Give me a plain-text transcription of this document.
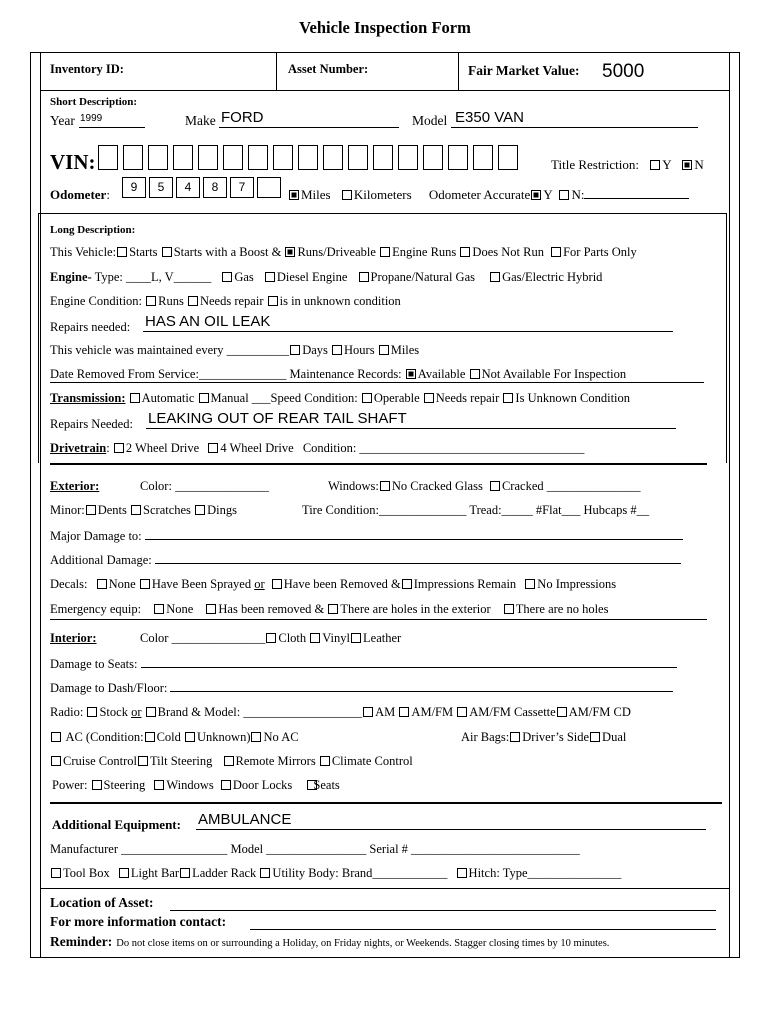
Vehicle Inspection Form
Inventory ID:	Asset Number:	Fair Market Value: 5000
Short Description:
Year 1999	Make FORD	Model E350 VAN
VIN:	Title Restriction: Y N
Odometer:	9	5	4	8	7	Miles Kilometers Odometer Accurate Y N:
Long Description:
This Vehicle: Starts Starts with a Boost & Runs/Driveable Engine Runs Does Not Run For Parts Only
Engine- Type: ____L, V______ Gas Diesel Engine Propane/Natural Gas Gas/Electric Hybrid
Engine Condition: Runs Needs repair is in unknown condition
Repairs needed: HAS AN OIL LEAK
This vehicle was maintained every __________ Days Hours Miles
Date Removed From Service:______________ Maintenance Records: Available Not Available For Inspection
Transmission: Automatic Manual ___Speed Condition: Operable Needs repair Is Unknown Condition
Repairs Needed: LEAKING OUT OF REAR TAIL SHAFT
Drivetrain: 2 Wheel Drive 4 Wheel Drive Condition: ____________________________________
Exterior:	Color: _______________	Windows: No Cracked Glass Cracked _______________
Minor: Dents Scratches Dings	Tire Condition:______________ Tread:_____ #Flat___ Hubcaps #__
Major Damage to:
Additional Damage:
Decals: None Have Been Sprayed or Have been Removed & Impressions Remain No Impressions
Emergency equip: None Has been removed & There are holes in the exterior There are no holes
Interior:	Color _______________ Cloth Vinyl Leather
Damage to Seats:
Damage to Dash/Floor:
Radio: Stock or Brand & Model: ___________________ AM AM/FM AM/FM Cassette AM/FM CD
AC (Condition: Cold Unknown) No AC	Air Bags: Driver’s Side Dual
Cruise Control Tilt Steering Remote Mirrors Climate Control
Power: Steering Windows Door Locks Seats
Additional Equipment: AMBULANCE
Manufacturer _________________ Model ________________ Serial # ___________________________
Tool Box Light Bar Ladder Rack Utility Body: Brand____________ Hitch: Type_______________
Location of Asset:
For more information contact:
Reminder: Do not close items on or surrounding a Holiday, on Friday nights, or Weekends. Stagger closing times by 10 minutes.
